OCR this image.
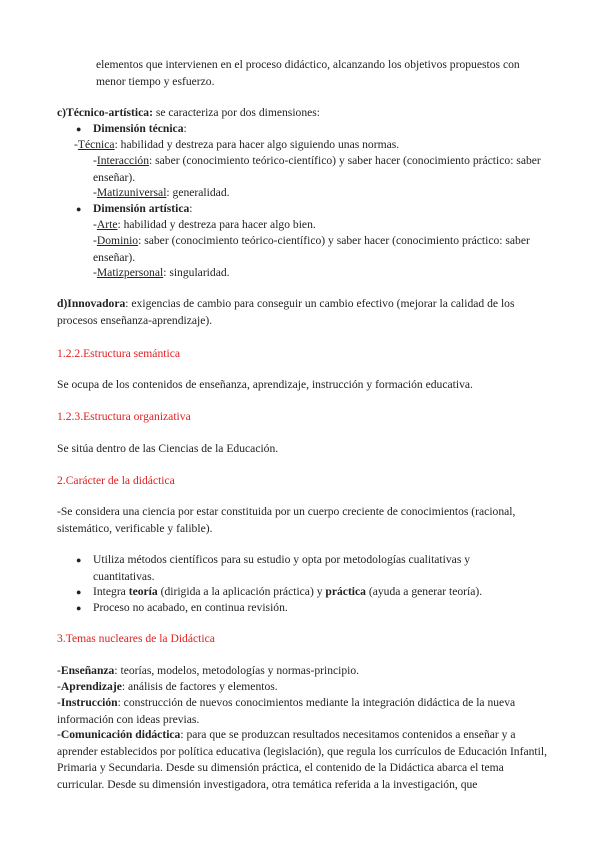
elementos que intervienen en el proceso didáctico, alcanzando los objetivos propuestos con menor tiempo y esfuerzo.
c)Técnico-artística: se caracteriza por dos dimensiones:
● Dimensión técnica:
-Técnica: habilidad y destreza para hacer algo siguiendo unas normas.
-Interacción: saber (conocimiento teórico-científico) y saber hacer (conocimiento práctico: saber enseñar).
-Matizuniversal: generalidad.
● Dimensión artística:
-Arte: habilidad y destreza para hacer algo bien.
-Dominio: saber (conocimiento teórico-científico) y saber hacer (conocimiento práctico: saber enseñar).
-Matizpersonal: singularidad.
d)Innovadora: exigencias de cambio para conseguir un cambio efectivo (mejorar la calidad de los procesos enseñanza-aprendizaje).
1.2.2.Estructura semántica
Se ocupa de los contenidos de enseñanza, aprendizaje, instrucción y formación educativa.
1.2.3.Estructura organizativa
Se sitúa dentro de las Ciencias de la Educación.
2.Carácter de la didáctica
-Se considera una ciencia por estar constituida por un cuerpo creciente de conocimientos (racional, sistemático, verificable y falible).
● Utiliza métodos científicos para su estudio y opta por metodologías cualitativas y cuantitativas.
● Integra teoría (dirigida a la aplicación práctica) y práctica (ayuda a generar teoría).
● Proceso no acabado, en continua revisión.
3.Temas nucleares de la Didáctica
-Enseñanza: teorías, modelos, metodologías y normas-principio.
-Aprendizaje: análisis de factores y elementos.
-Instrucción: construcción de nuevos conocimientos mediante la integración didáctica de la nueva información con ideas previas.
-Comunicación didáctica: para que se produzcan resultados necesitamos contenidos a enseñar y a aprender establecidos por política educativa (legislación), que regula los currículos de Educación Infantil, Primaria y Secundaria. Desde su dimensión práctica, el contenido de la Didáctica abarca el tema curricular. Desde su dimensión investigadora, otra temática referida a la investigación, que
